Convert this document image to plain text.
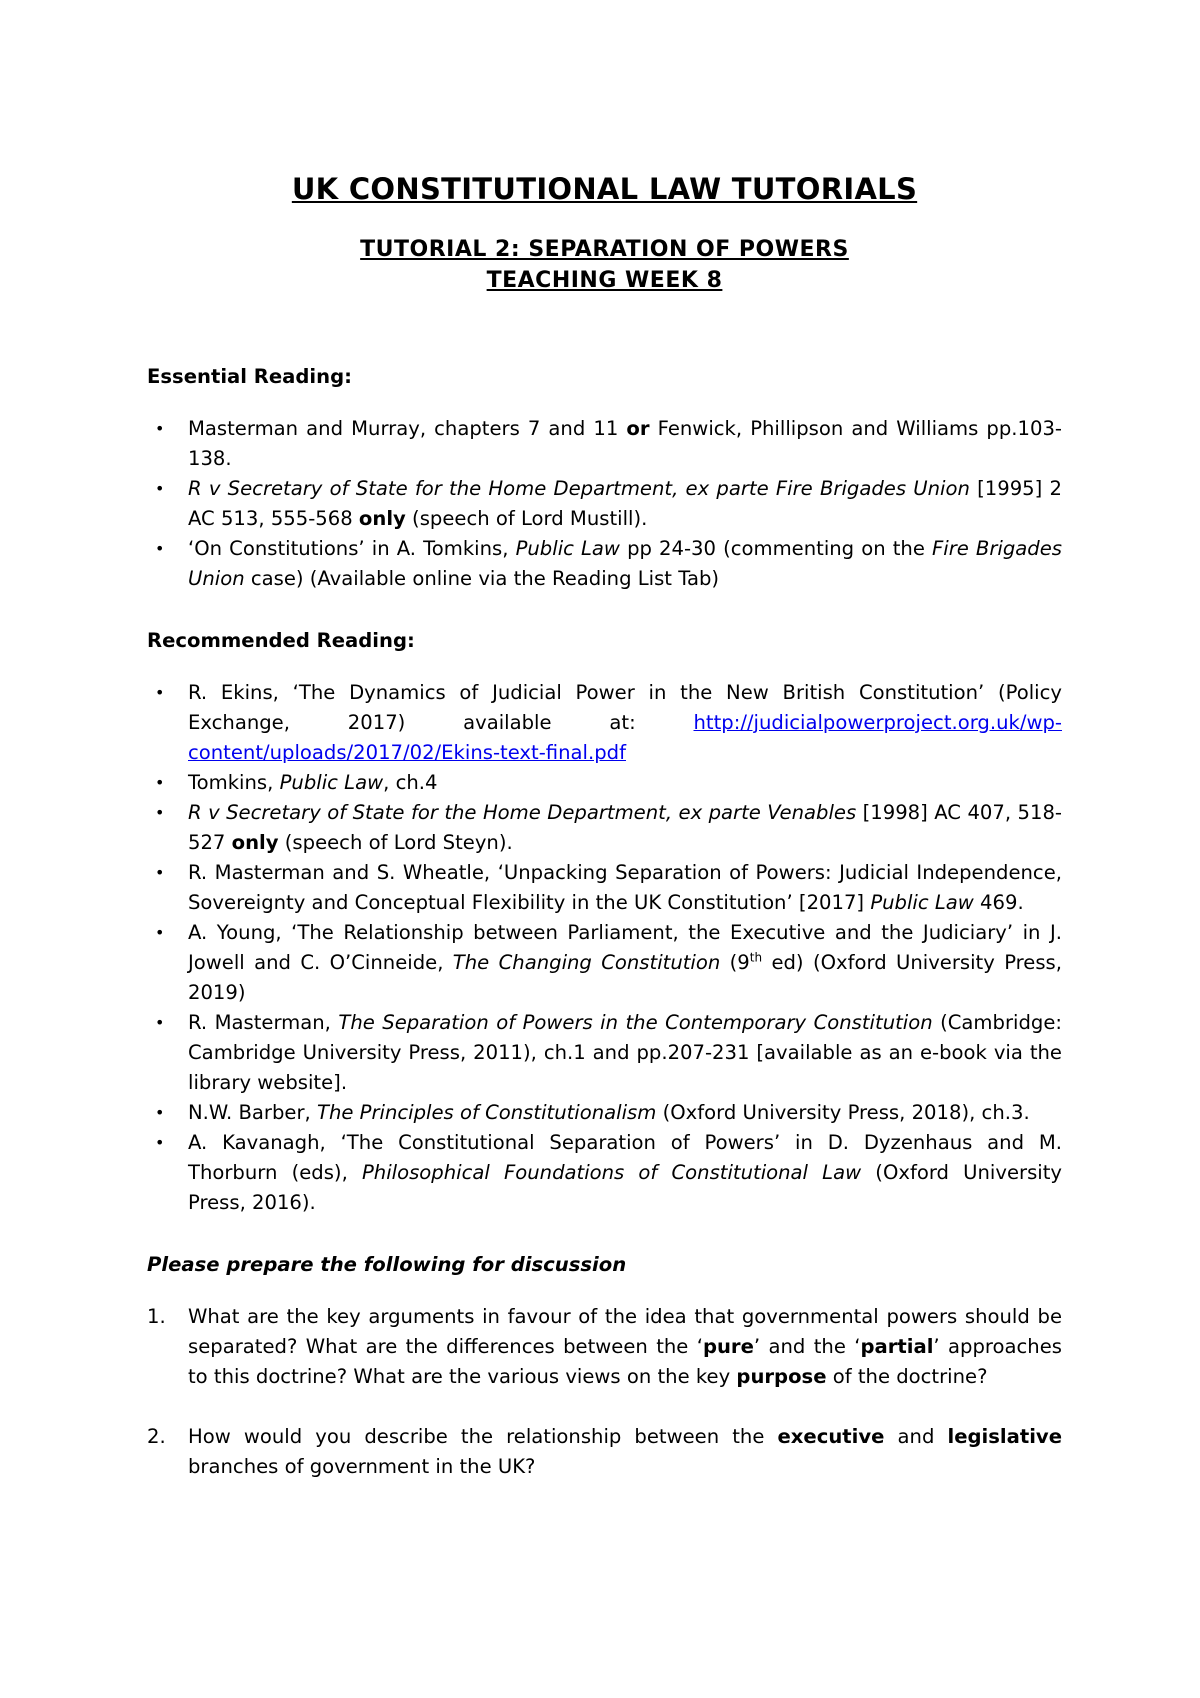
UK CONSTITUTIONAL LAW TUTORIALS

TUTORIAL 2: SEPARATION OF POWERS

TEACHING WEEK 8

Essential Reading:

• Masterman and Murray, chapters 7 and 11 or Fenwick, Phillipson and Williams pp.103-138.
• R v Secretary of State for the Home Department, ex parte Fire Brigades Union [1995] 2 AC 513, 555-568 only (speech of Lord Mustill).
• ‘On Constitutions’ in A. Tomkins, Public Law pp 24-30 (commenting on the Fire Brigades Union case) (Available online via the Reading List Tab)

Recommended Reading:

• R. Ekins, ‘The Dynamics of Judicial Power in the New British Constitution’ (Policy Exchange, 2017) available at: http://judicialpowerproject.org.uk/wp-content/uploads/2017/02/Ekins-text-final.pdf
• Tomkins, Public Law, ch.4
• R v Secretary of State for the Home Department, ex parte Venables [1998] AC 407, 518-527 only (speech of Lord Steyn).
• R. Masterman and S. Wheatle, ‘Unpacking Separation of Powers: Judicial Independence, Sovereignty and Conceptual Flexibility in the UK Constitution’ [2017] Public Law 469.
• A. Young, ‘The Relationship between Parliament, the Executive and the Judiciary’ in J. Jowell and C. O’Cinneide, The Changing Constitution (9th ed) (Oxford University Press, 2019)
• R. Masterman, The Separation of Powers in the Contemporary Constitution (Cambridge: Cambridge University Press, 2011), ch.1 and pp.207-231 [available as an e-book via the library website].
• N.W. Barber, The Principles of Constitutionalism (Oxford University Press, 2018), ch.3.
• A. Kavanagh, ‘The Constitutional Separation of Powers’ in D. Dyzenhaus and M. Thorburn (eds), Philosophical Foundations of Constitutional Law (Oxford University Press, 2016).

Please prepare the following for discussion

1. What are the key arguments in favour of the idea that governmental powers should be separated? What are the differences between the ‘pure’ and the ‘partial’ approaches to this doctrine? What are the various views on the key purpose of the doctrine?
2. How would you describe the relationship between the executive and legislative branches of government in the UK?
